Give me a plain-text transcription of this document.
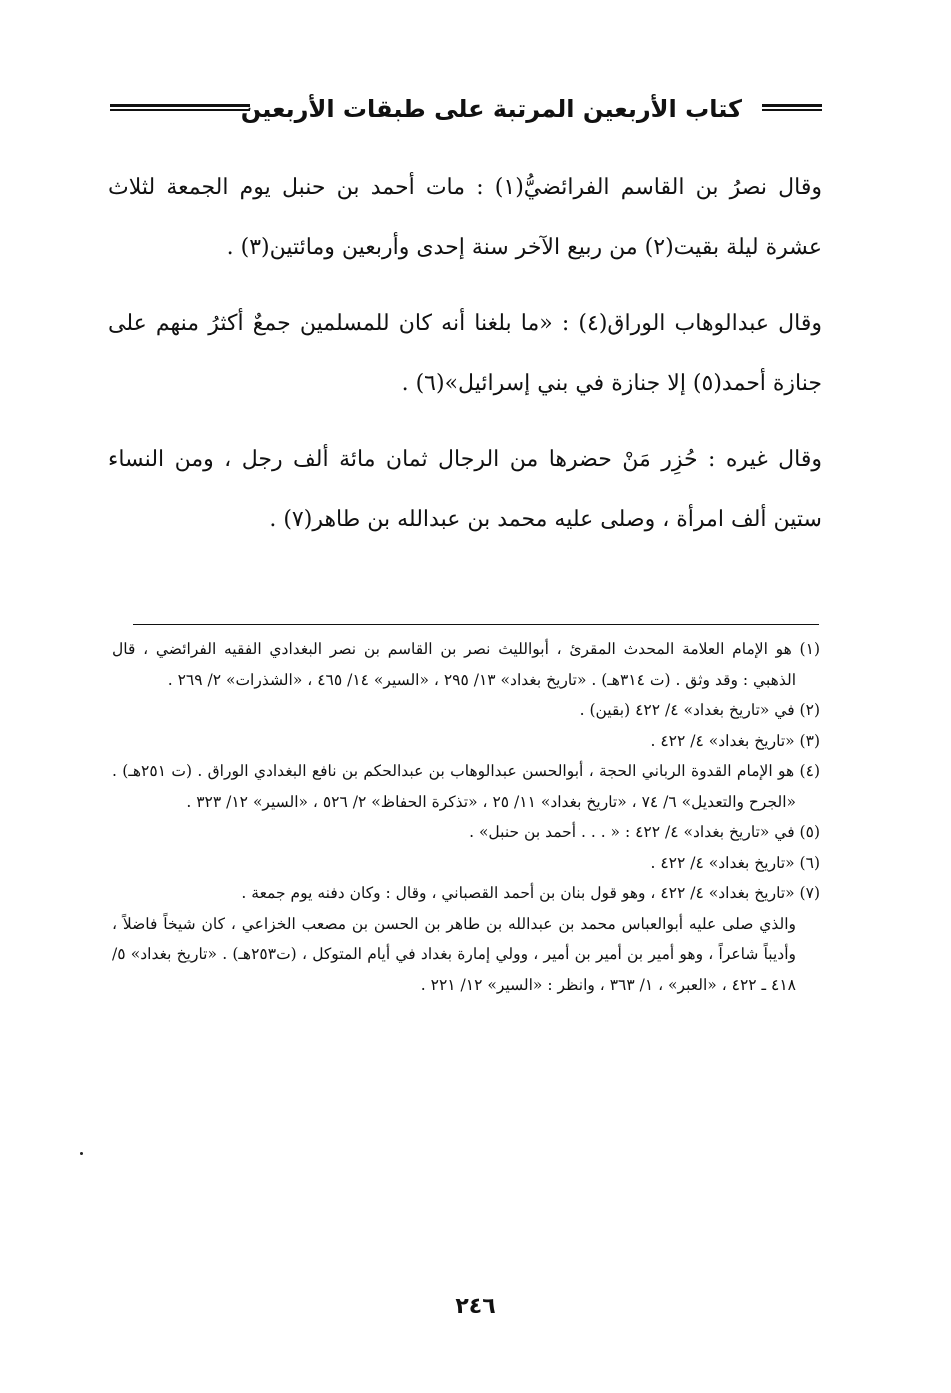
كتاب الأربعين المرتبة على طبقات الأربعين

وقال نصرُ بن القاسم الفرائضيُّ(١) : مات أحمد بن حنبل يوم الجمعة لثلاث عشرة ليلة بقيت(٢) من ربيع الآخر سنة إحدى وأربعين ومائتين(٣) .

وقال عبدالوهاب الوراق(٤) : «ما بلغنا أنه كان للمسلمين جمعٌ أكثرُ منهم على جنازة أحمد(٥) إلا جنازة في بني إسرائيل»(٦) .

وقال غيره : حُزِر مَنْ حضرها من الرجال ثمان مائة ألف رجل ، ومن النساء ستين ألف امرأة ، وصلى عليه محمد بن عبدالله بن طاهر(٧) .

(١) هو الإمام العلامة المحدث المقرئ ، أبوالليث نصر بن القاسم بن نصر البغدادي الفقيه الفرائضي ، قال الذهبي : وقد وثق . (ت ٣١٤هـ) . «تاريخ بغداد» ١٣/ ٢٩٥ ، «السير» ١٤/ ٤٦٥ ، «الشذرات» ٢/ ٢٦٩ .

(٢) في «تاريخ بغداد» ٤/ ٤٢٢ (بقين) .

(٣) «تاريخ بغداد» ٤/ ٤٢٢ .

(٤) هو الإمام القدوة الرباني الحجة ، أبوالحسن عبدالوهاب بن عبدالحكم بن نافع البغدادي الوراق . (ت ٢٥١هـ) . «الجرح والتعديل» ٦/ ٧٤ ، «تاريخ بغداد» ١١/ ٢٥ ، «تذكرة الحفاظ» ٢/ ٥٢٦ ، «السير» ١٢/ ٣٢٣ .

(٥) في «تاريخ بغداد» ٤/ ٤٢٢ : « . . . أحمد بن حنبل» .

(٦) «تاريخ بغداد» ٤/ ٤٢٢ .

(٧) «تاريخ بغداد» ٤/ ٤٢٢ ، وهو قول بنان بن أحمد القصباني ، وقال : وكان دفنه يوم جمعة .

والذي صلى عليه أبوالعباس محمد بن عبدالله بن طاهر بن الحسن بن مصعب الخزاعي ، كان شيخاً فاضلاً ، وأديباً شاعراً ، وهو أمير بن أمير بن أمير ، وولي إمارة بغداد في أيام المتوكل ، (ت٢٥٣هـ) . «تاريخ بغداد» ٥/ ٤١٨ ـ ٤٢٢ ، «العبر» ، ١/ ٣٦٣ ، وانظر : «السير» ١٢/ ٢٢١ .

٢٤٦
